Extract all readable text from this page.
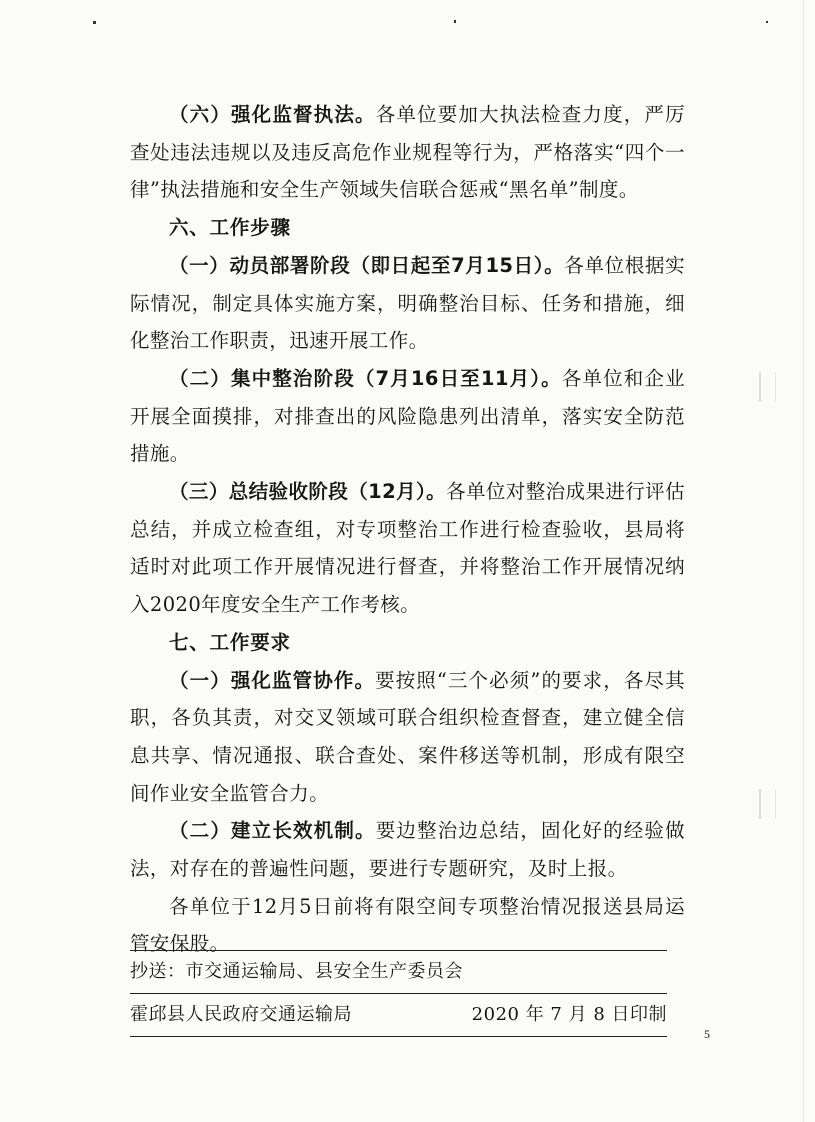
（六）强化监督执法。各单位要加大执法检查力度，严厉查处违法违规以及违反高危作业规程等行为，严格落实“四个一律”执法措施和安全生产领域失信联合惩戒“黑名单”制度。

六、工作步骤

（一）动员部署阶段（即日起至7月15日）。各单位根据实际情况，制定具体实施方案，明确整治目标、任务和措施，细化整治工作职责，迅速开展工作。

（二）集中整治阶段（7月16日至11月）。各单位和企业开展全面摸排，对排查出的风险隐患列出清单，落实安全防范措施。

（三）总结验收阶段（12月）。各单位对整治成果进行评估总结，并成立检查组，对专项整治工作进行检查验收，县局将适时对此项工作开展情况进行督查，并将整治工作开展情况纳入2020年度安全生产工作考核。

七、工作要求

（一）强化监管协作。要按照“三个必须”的要求，各尽其职，各负其责，对交叉领域可联合组织检查督查，建立健全信息共享、情况通报、联合查处、案件移送等机制，形成有限空间作业安全监管合力。

（二）建立长效机制。要边整治边总结，固化好的经验做法，对存在的普遍性问题，要进行专题研究，及时上报。

各单位于12月5日前将有限空间专项整治情况报送县局运管安保股。

抄送：市交通运输局、县安全生产委员会
霍邱县人民政府交通运输局	2020 年 7 月 8 日印制
5
